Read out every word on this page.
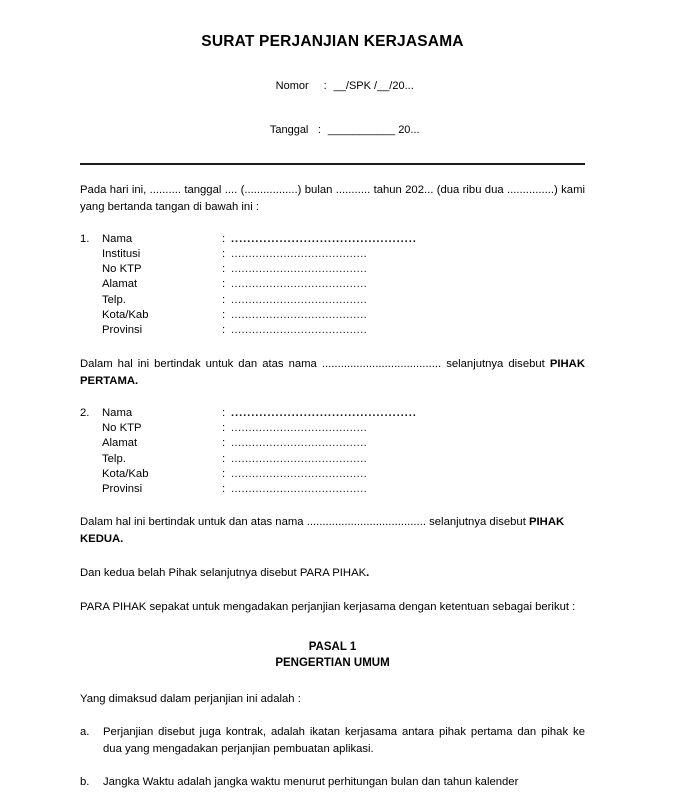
SURAT PERJANJIAN KERJASAMA

Nomor : __/SPK /__/20...

Tanggal : ___________ 20...

Pada hari ini, .......... tanggal .... (.................) bulan ........... tahun 202... (dua ribu dua ...............) kami yang bertanda tangan di bawah ini :
1.	Nama	: ..............................................
Institusi	: .......................................
No KTP	: .......................................
Alamat	: .......................................
Telp.	: .......................................
Kota/Kab	: .......................................
Provinsi	: .......................................
Dalam hal ini bertindak untuk dan atas nama ...................................... selanjutnya disebut PIHAK PERTAMA.
2.	Nama	: ..............................................
No KTP	: .......................................
Alamat	: .......................................
Telp.	: .......................................
Kota/Kab	: .......................................
Provinsi	: .......................................
Dalam hal ini bertindak untuk dan atas nama ...................................... selanjutnya disebut PIHAK KEDUA.
Dan kedua belah Pihak selanjutnya disebut PARA PIHAK.
PARA PIHAK sepakat untuk mengadakan perjanjian kerjasama dengan ketentuan sebagai berikut :
PASAL 1
PENGERTIAN UMUM
Yang dimaksud dalam perjanjian ini adalah :
a.	Perjanjian disebut juga kontrak, adalah ikatan kerjasama antara pihak pertama dan pihak ke dua yang mengadakan perjanjian pembuatan aplikasi.
b.	Jangka Waktu adalah jangka waktu menurut perhitungan bulan dan tahun kalender
